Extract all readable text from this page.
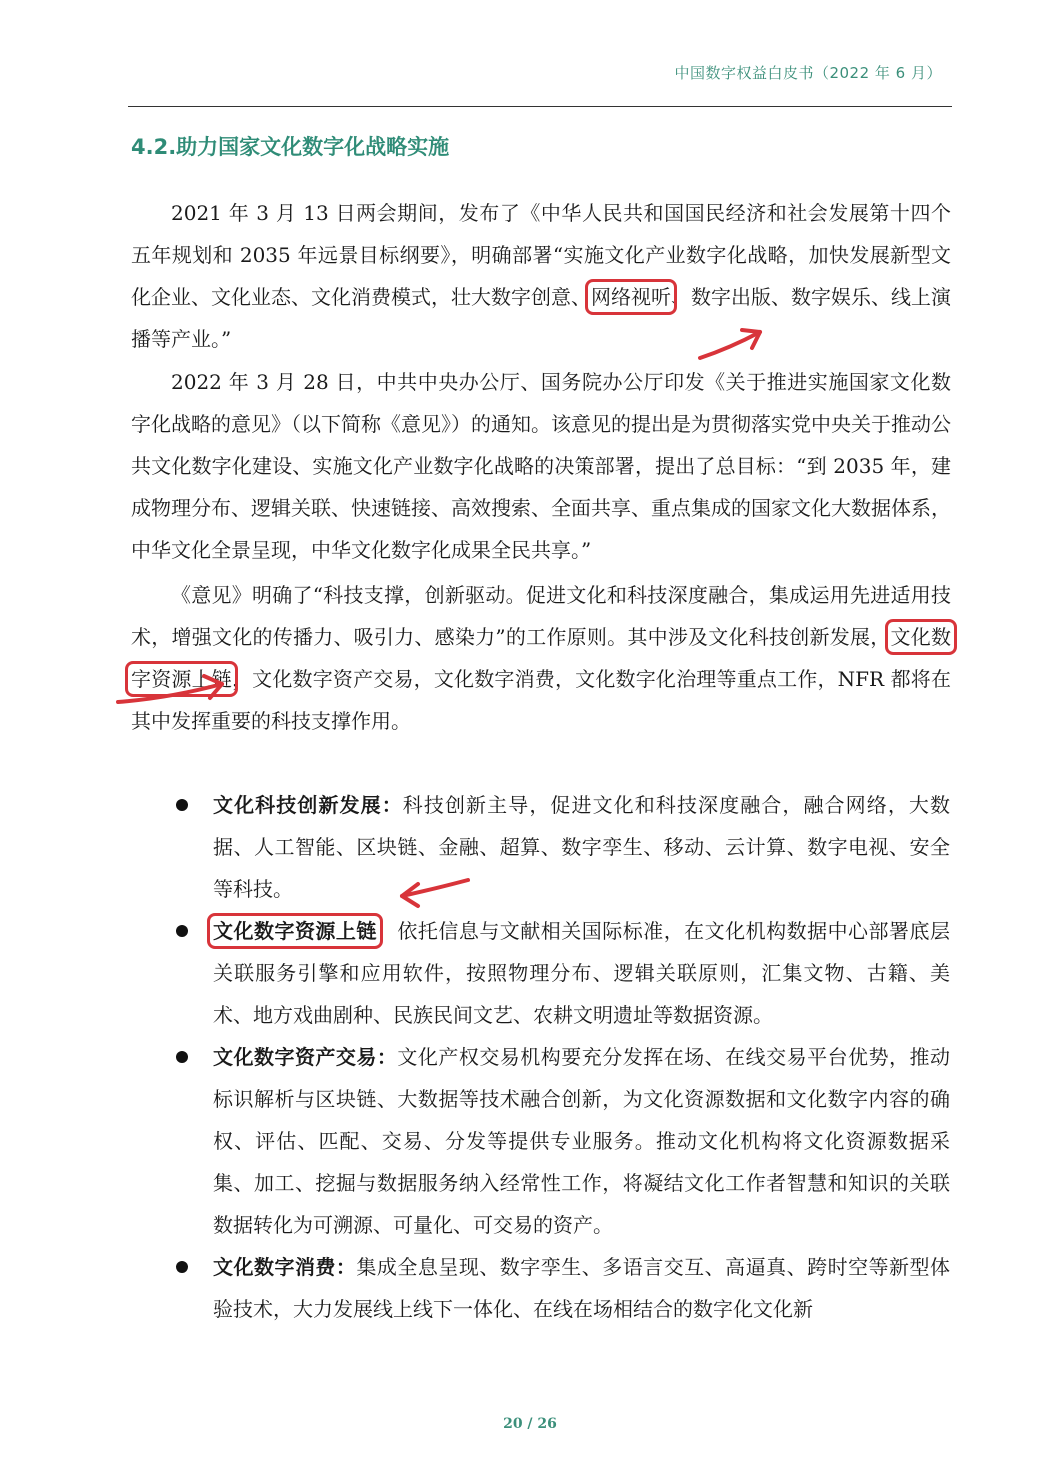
中国数字权益白皮书（2022 年 6 月）
4.2.助力国家文化数字化战略实施

2021 年 3 月 13 日两会期间，发布了《中华人民共和国国民经济和社会发展第十四个五年规划和 2035 年远景目标纲要》，明确部署“实施文化产业数字化战略，加快发展新型文化企业、文化业态、文化消费模式，壮大数字创意、网络视听、数字出版、数字娱乐、线上演播等产业。”

2022 年 3 月 28 日，中共中央办公厅、国务院办公厅印发《关于推进实施国家文化数字化战略的意见》（以下简称《意见》）的通知。该意见的提出是为贯彻落实党中央关于推动公共文化数字化建设、实施文化产业数字化战略的决策部署，提出了总目标：“到 2035 年，建成物理分布、逻辑关联、快速链接、高效搜索、全面共享、重点集成的国家文化大数据体系，中华文化全景呈现，中华文化数字化成果全民共享。”

《意见》明确了“科技支撑，创新驱动。促进文化和科技深度融合，集成运用先进适用技术，增强文化的传播力、吸引力、感染力”的工作原则。其中涉及文化科技创新发展，文化数字资源上链，文化数字资产交易，文化数字消费，文化数字化治理等重点工作，NFR 都将在其中发挥重要的科技支撑作用。

文化科技创新发展：科技创新主导，促进文化和科技深度融合，融合网络，大数据、人工智能、区块链、金融、超算、数字孪生、移动、云计算、数字电视、安全等科技。
文化数字资源上链：依托信息与文献相关国际标准，在文化机构数据中心部署底层关联服务引擎和应用软件，按照物理分布、逻辑关联原则，汇集文物、古籍、美术、地方戏曲剧种、民族民间文艺、农耕文明遗址等数据资源。
文化数字资产交易：文化产权交易机构要充分发挥在场、在线交易平台优势，推动标识解析与区块链、大数据等技术融合创新，为文化资源数据和文化数字内容的确权、评估、匹配、交易、分发等提供专业服务。推动文化机构将文化资源数据采集、加工、挖掘与数据服务纳入经常性工作，将凝结文化工作者智慧和知识的关联数据转化为可溯源、可量化、可交易的资产。
文化数字消费：集成全息呈现、数字孪生、多语言交互、高逼真、跨时空等新型体验技术，大力发展线上线下一体化、在线在场相结合的数字化文化新
20 / 26
